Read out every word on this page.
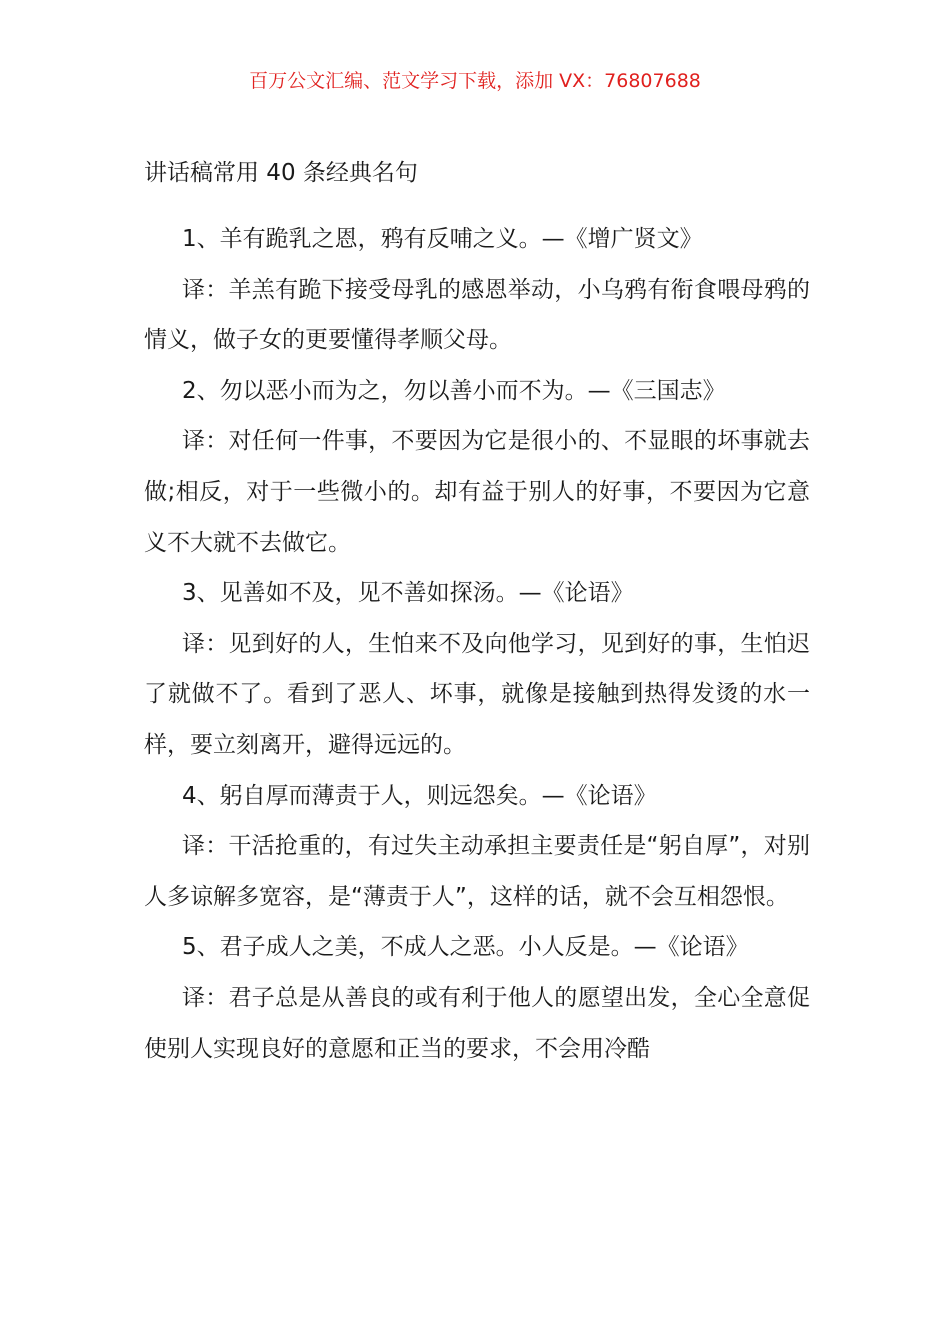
百万公文汇编、范文学习下载，添加 VX：76807688
讲话稿常用 40 条经典名句

1、羊有跪乳之恩，鸦有反哺之义。—《增广贤文》

译：羊羔有跪下接受母乳的感恩举动，小乌鸦有衔食喂母鸦的情义，做子女的更要懂得孝顺父母。

2、勿以恶小而为之，勿以善小而不为。—《三国志》

译：对任何一件事，不要因为它是很小的、不显眼的坏事就去做;相反，对于一些微小的。却有益于别人的好事，不要因为它意义不大就不去做它。

3、见善如不及，见不善如探汤。—《论语》

译：见到好的人，生怕来不及向他学习，见到好的事，生怕迟了就做不了。看到了恶人、坏事，就像是接触到热得发烫的水一样，要立刻离开，避得远远的。

4、躬自厚而薄责于人，则远怨矣。—《论语》

译：干活抢重的，有过失主动承担主要责任是“躬自厚”，对别人多谅解多宽容，是“薄责于人”，这样的话，就不会互相怨恨。

5、君子成人之美，不成人之恶。小人反是。—《论语》

译：君子总是从善良的或有利于他人的愿望出发，全心全意促使别人实现良好的意愿和正当的要求，不会用冷酷
